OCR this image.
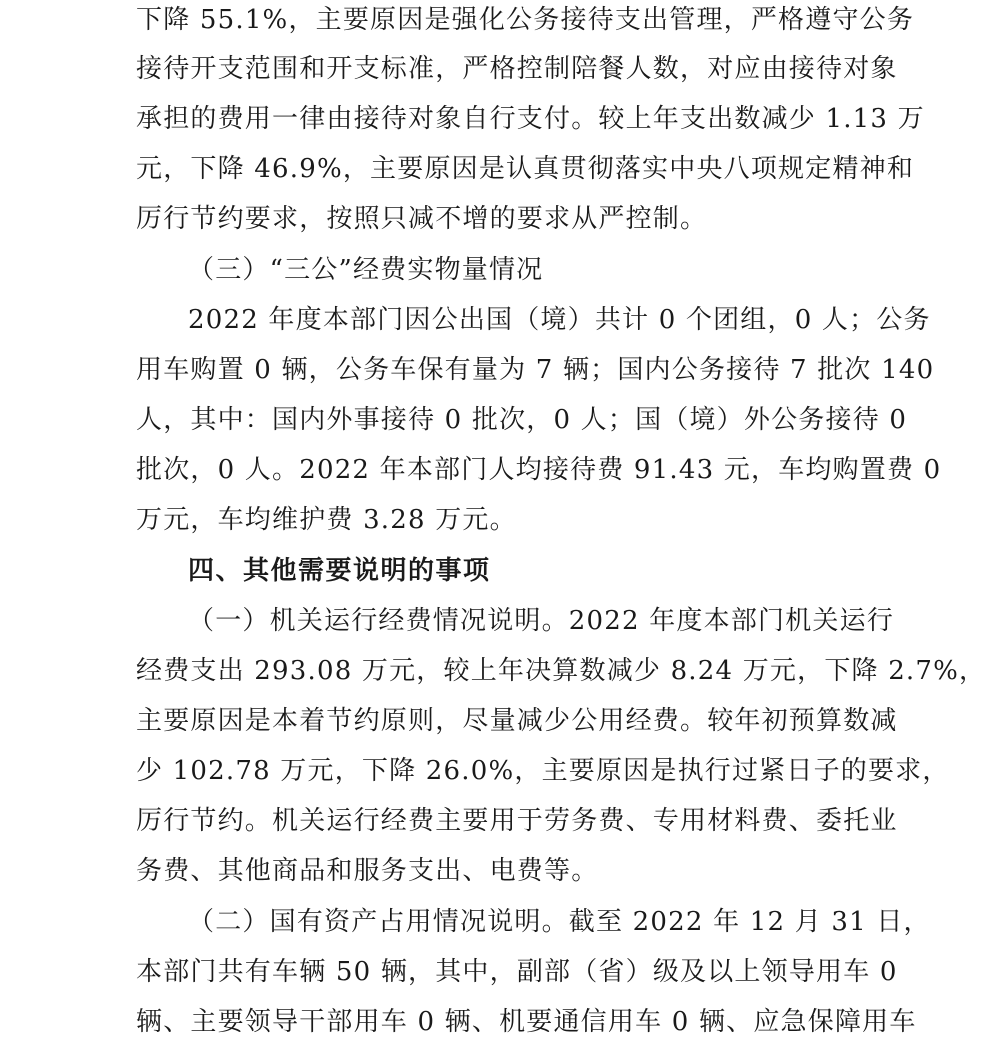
下降 55.1%，主要原因是强化公务接待支出管理，严格遵守公务
接待开支范围和开支标准，严格控制陪餐人数，对应由接待对象
承担的费用一律由接待对象自行支付。较上年支出数减少 1.13 万
元，下降 46.9%，主要原因是认真贯彻落实中央八项规定精神和
厉行节约要求，按照只减不增的要求从严控制。
（三）“三公”经费实物量情况
2022 年度本部门因公出国（境）共计 0 个团组，0 人；公务
用车购置 0 辆，公务车保有量为 7 辆；国内公务接待 7 批次 140
人，其中：国内外事接待 0 批次，0 人；国（境）外公务接待 0
批次，0 人。2022 年本部门人均接待费 91.43 元，车均购置费 0
万元，车均维护费 3.28 万元。
四、其他需要说明的事项
（一）机关运行经费情况说明。2022 年度本部门机关运行
经费支出 293.08 万元，较上年决算数减少 8.24 万元，下降 2.7%，
主要原因是本着节约原则，尽量减少公用经费。较年初预算数减
少 102.78 万元，下降 26.0%，主要原因是执行过紧日子的要求，
厉行节约。机关运行经费主要用于劳务费、专用材料费、委托业
务费、其他商品和服务支出、电费等。
（二）国有资产占用情况说明。截至 2022 年 12 月 31 日，
本部门共有车辆 50 辆，其中，副部（省）级及以上领导用车 0
辆、主要领导干部用车 0 辆、机要通信用车 0 辆、应急保障用车
